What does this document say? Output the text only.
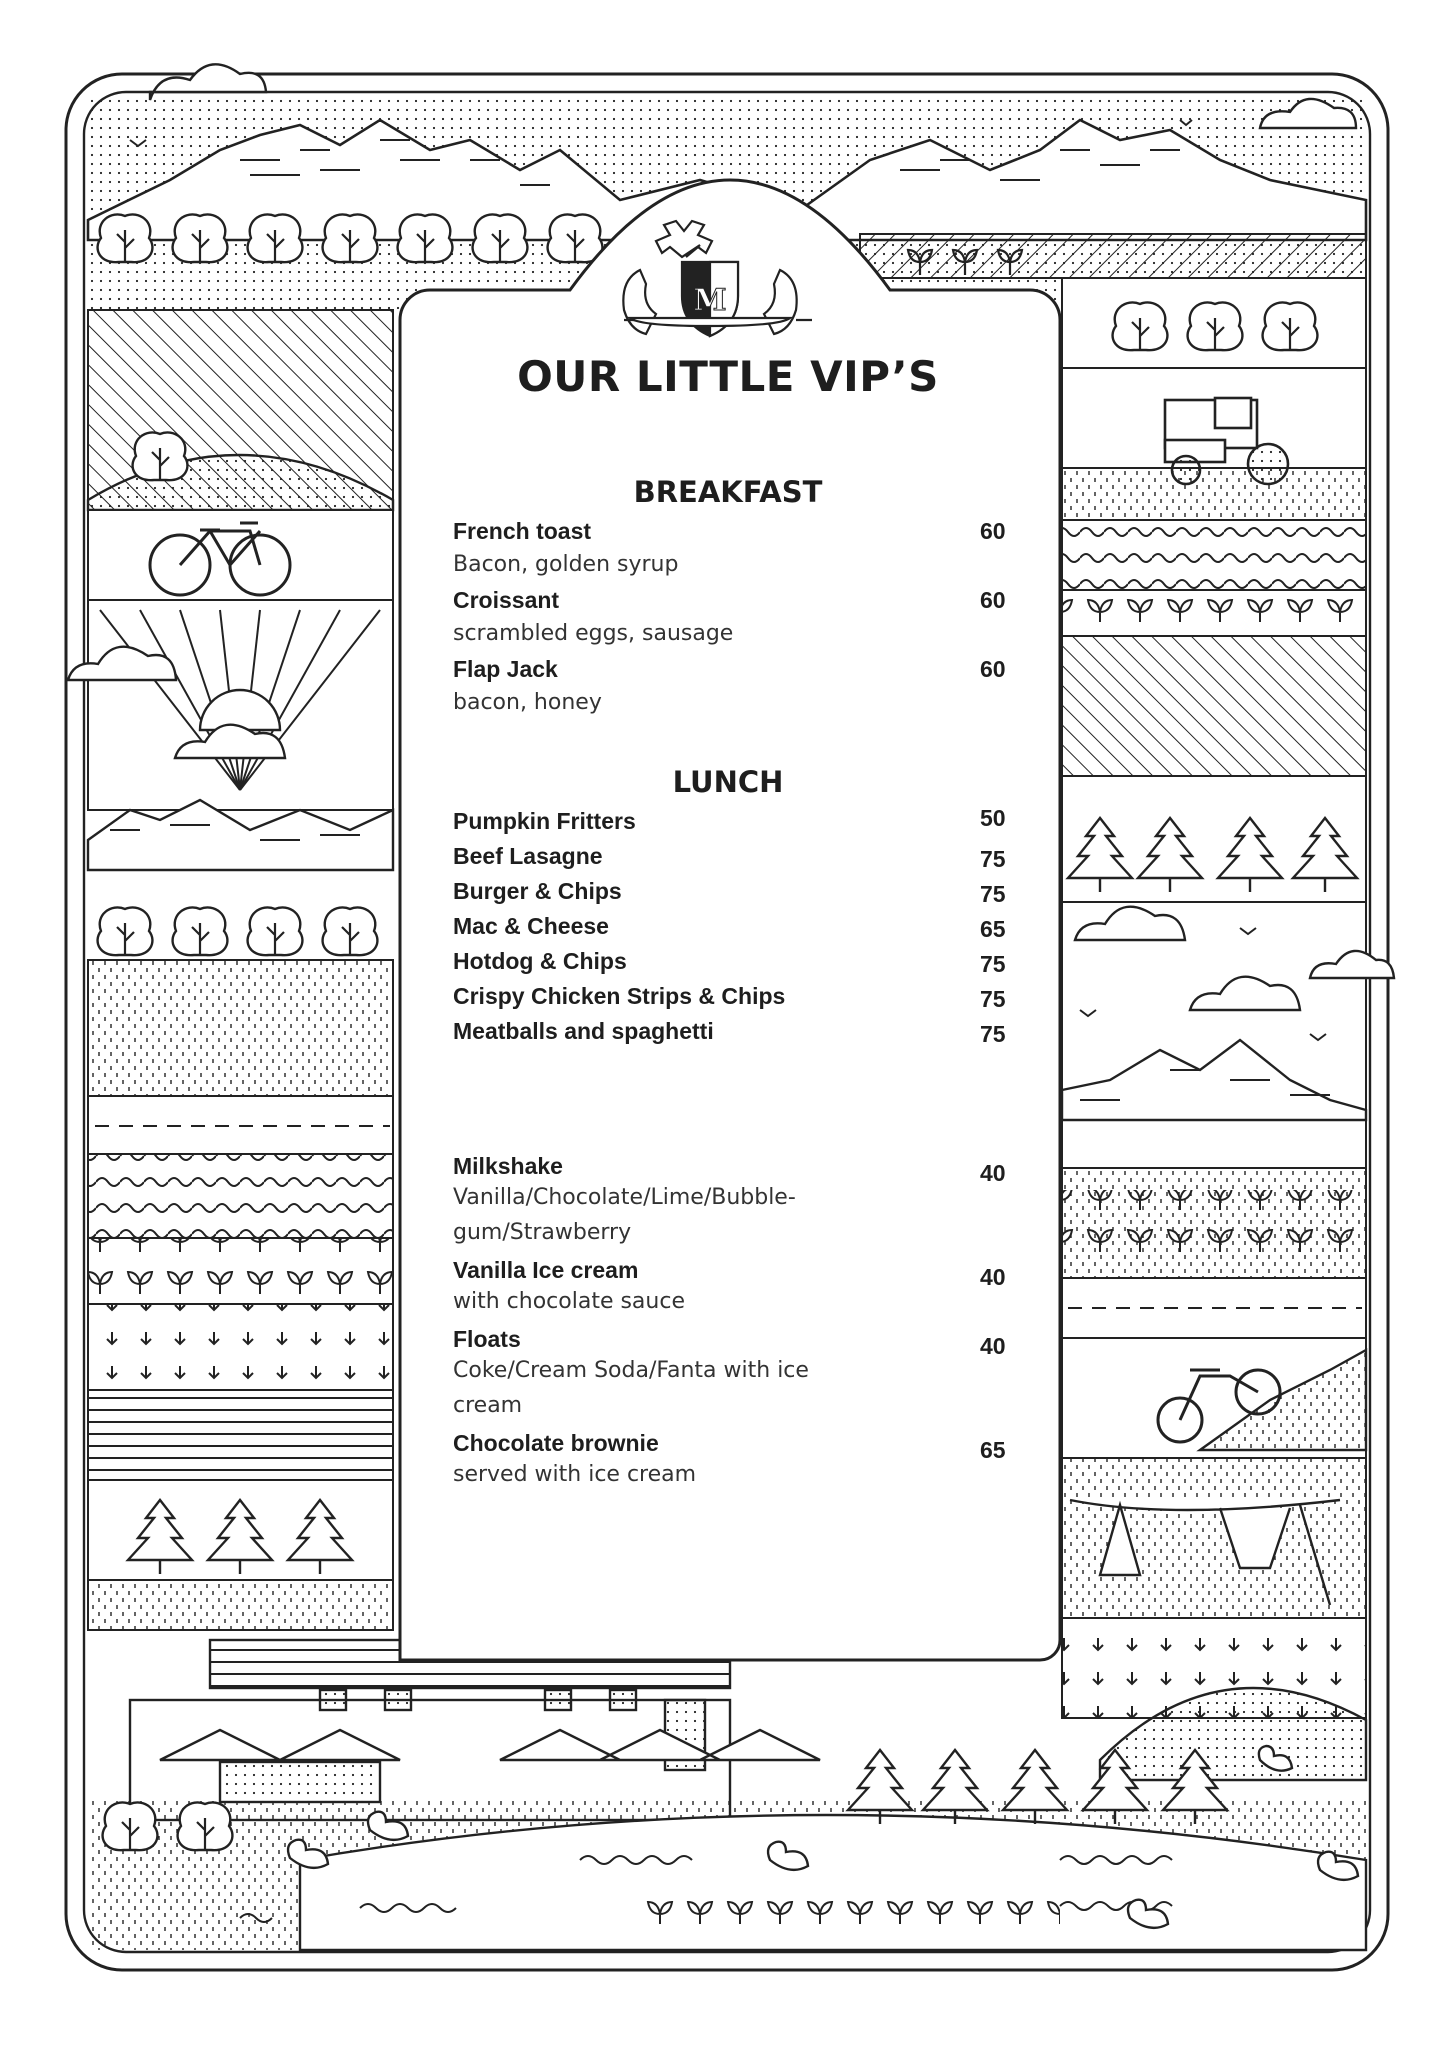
M
OUR LITTLE VIP’S
BREAKFAST
French toast	60
Bacon, golden syrup
Croissant	60
scrambled eggs, sausage
Flap Jack	60
bacon, honey
LUNCH
Pumpkin Fritters	50
Beef Lasagne	75
Burger & Chips	75
Mac & Cheese	65
Hotdog & Chips	75
Crispy Chicken Strips & Chips	75
Meatballs and spaghetti	75
Milkshake	40
Vanilla/Chocolate/Lime/Bubble-
gum/Strawberry
Vanilla Ice cream	40
with chocolate sauce
Floats	40
Coke/Cream Soda/Fanta with ice
cream
Chocolate brownie	65
served with ice cream
